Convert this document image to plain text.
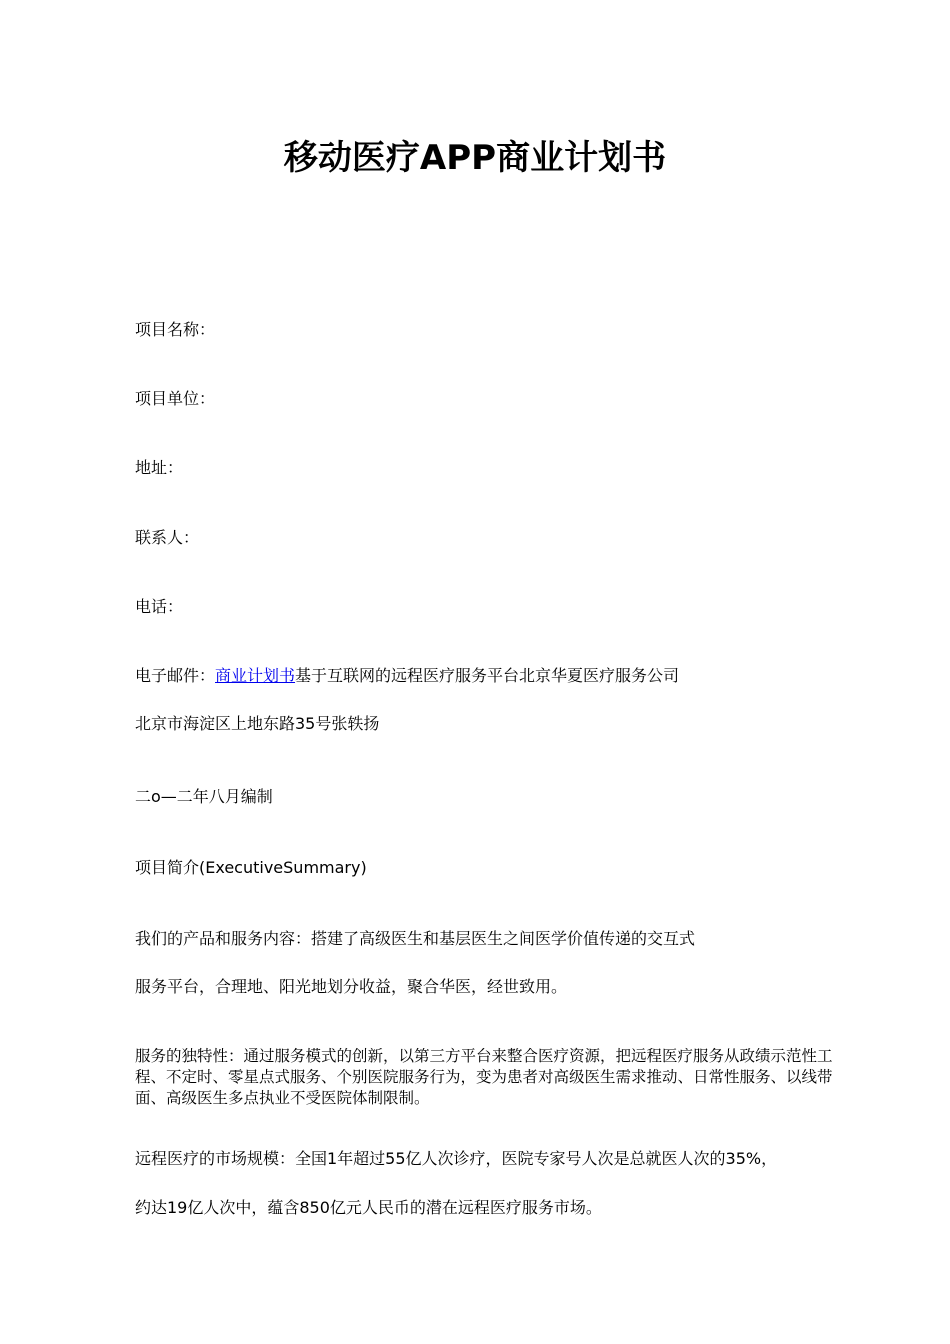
移动医疗APP商业计划书
项目名称：
项目单位：
地址：
联系人：
电话：
电子邮件：商业计划书基于互联网的远程医疗服务平台北京华夏医疗服务公司
北京市海淀区上地东路35号张轶扬
二o—二年八月编制
项目简介(ExecutiveSummary)
我们的产品和服务内容：搭建了高级医生和基层医生之间医学价值传递的交互式
服务平台，合理地、阳光地划分收益，聚合华医，经世致用。
服务的独特性：通过服务模式的创新，以第三方平台来整合医疗资源，把远程医疗服务从政绩示范性工程、不定时、零星点式服务、个别医院服务行为，变为患者对高级医生需求推动、日常性服务、以线带面、高级医生多点执业不受医院体制限制。
远程医疗的市场规模：全国1年超过55亿人次诊疗，医院专家号人次是总就医人次的35%，
约达19亿人次中，蕴含850亿元人民币的潜在远程医疗服务市场。
